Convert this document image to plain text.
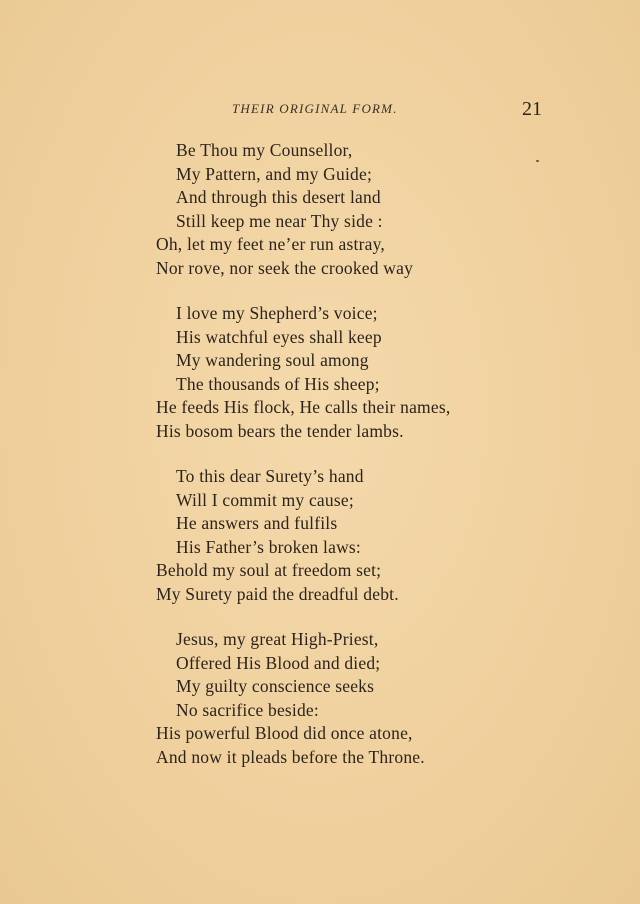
THEIR ORIGINAL FORM.	21
Be Thou my Counsellor,
My Pattern, and my Guide;
And through this desert land
Still keep me near Thy side :
Oh, let my feet ne’er run astray,
Nor rove, nor seek the crooked way
I love my Shepherd’s voice;
His watchful eyes shall keep
My wandering soul among
The thousands of His sheep;
He feeds His flock, He calls their names,
His bosom bears the tender lambs.
To this dear Surety’s hand
Will I commit my cause;
He answers and fulfils
His Father’s broken laws:
Behold my soul at freedom set;
My Surety paid the dreadful debt.
Jesus, my great High-Priest,
Offered His Blood and died;
My guilty conscience seeks
No sacrifice beside:
His powerful Blood did once atone,
And now it pleads before the Throne.
